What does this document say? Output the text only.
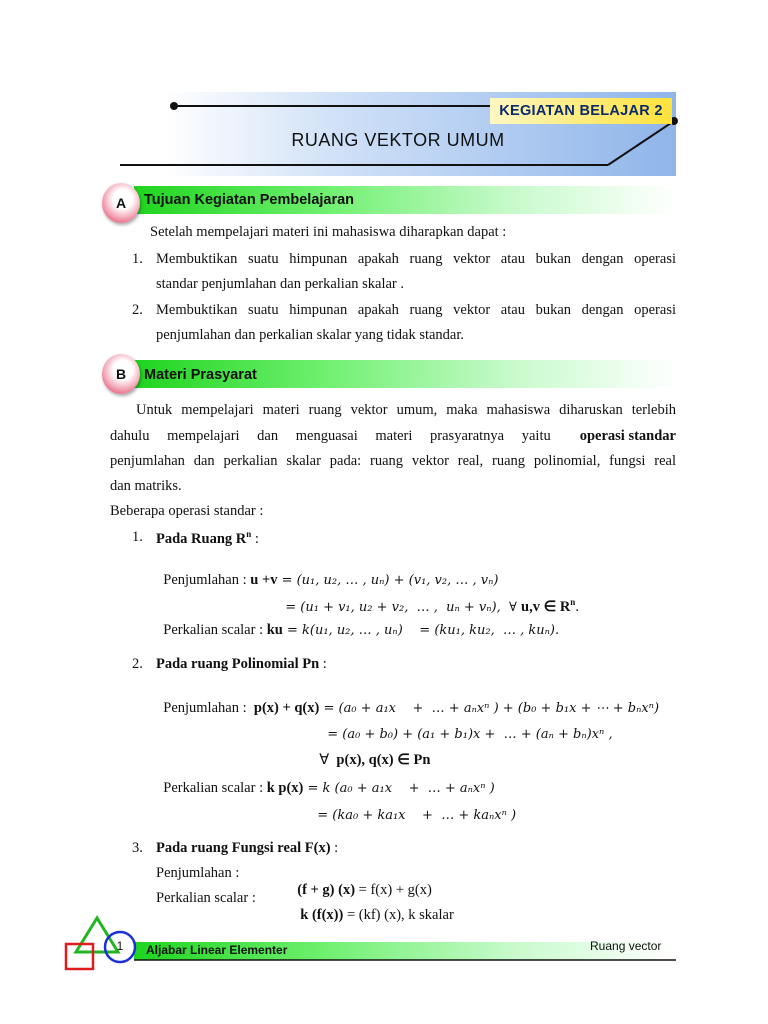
KEGIATAN BELAJAR 2
RUANG VEKTOR UMUM
A	Tujuan Kegiatan Pembelajaran
Setelah mempelajari materi ini mahasiswa diharapkan dapat :
1. Membuktikan suatu himpunan apakah ruang vektor atau bukan dengan operasi
standar penjumlahan dan perkalian skalar .
2. Membuktikan suatu himpunan apakah ruang vektor atau bukan dengan operasi
penjumlahan dan perkalian skalar yang tidak standar.
B	Materi Prasyarat
Untuk mempelajari materi ruang vektor umum, maka mahasiswa diharuskan terlebih
dahulu mempelajari dan menguasai materi prasyaratnya yaitu operasi standar
penjumlahan dan perkalian skalar pada: ruang vektor real, ruang polinomial, fungsi real
dan matriks.
Beberapa operasi standar :
1. Pada Ruang $R^n$ :

Penjumlahan : u +v = (u₁, u₂, … , uₙ) + (v₁, v₂, … , vₙ)

= (u₁ + v₁, u₂ + v₂,  … ,  uₙ + vₙ),  ∀ u,v ∈ $R^n$.

Perkalian scalar : ku = k(u₁, u₂, … , uₙ)    = (ku₁, ku₂,  … , kuₙ).

2. Pada ruang Polinomial Pn :

Penjumlahan :  p(x) + q(x) = (a₀ + a₁x    +  … + aₙxⁿ ) + (b₀ + b₁x + ⋯ + bₙxⁿ)

= (a₀ + b₀) + (a₁ + b₁)x +  … + (aₙ + bₙ)xⁿ ,

∀  p(x), q(x) ∈ Pn

Perkalian scalar : k p(x) = k (a₀ + a₁x    +  … + aₙxⁿ )

= (ka₀ + ka₁x    +  … + kaₙxⁿ )

3. Pada ruang Fungsi real F(x) :
Penjumlahan :

(f + g) (x) = f(x) + g(x)

Perkalian scalar :

k (f(x)) = (kf) (x), k skalar

1	Aljabar Linear Elementer	Ruang vector
